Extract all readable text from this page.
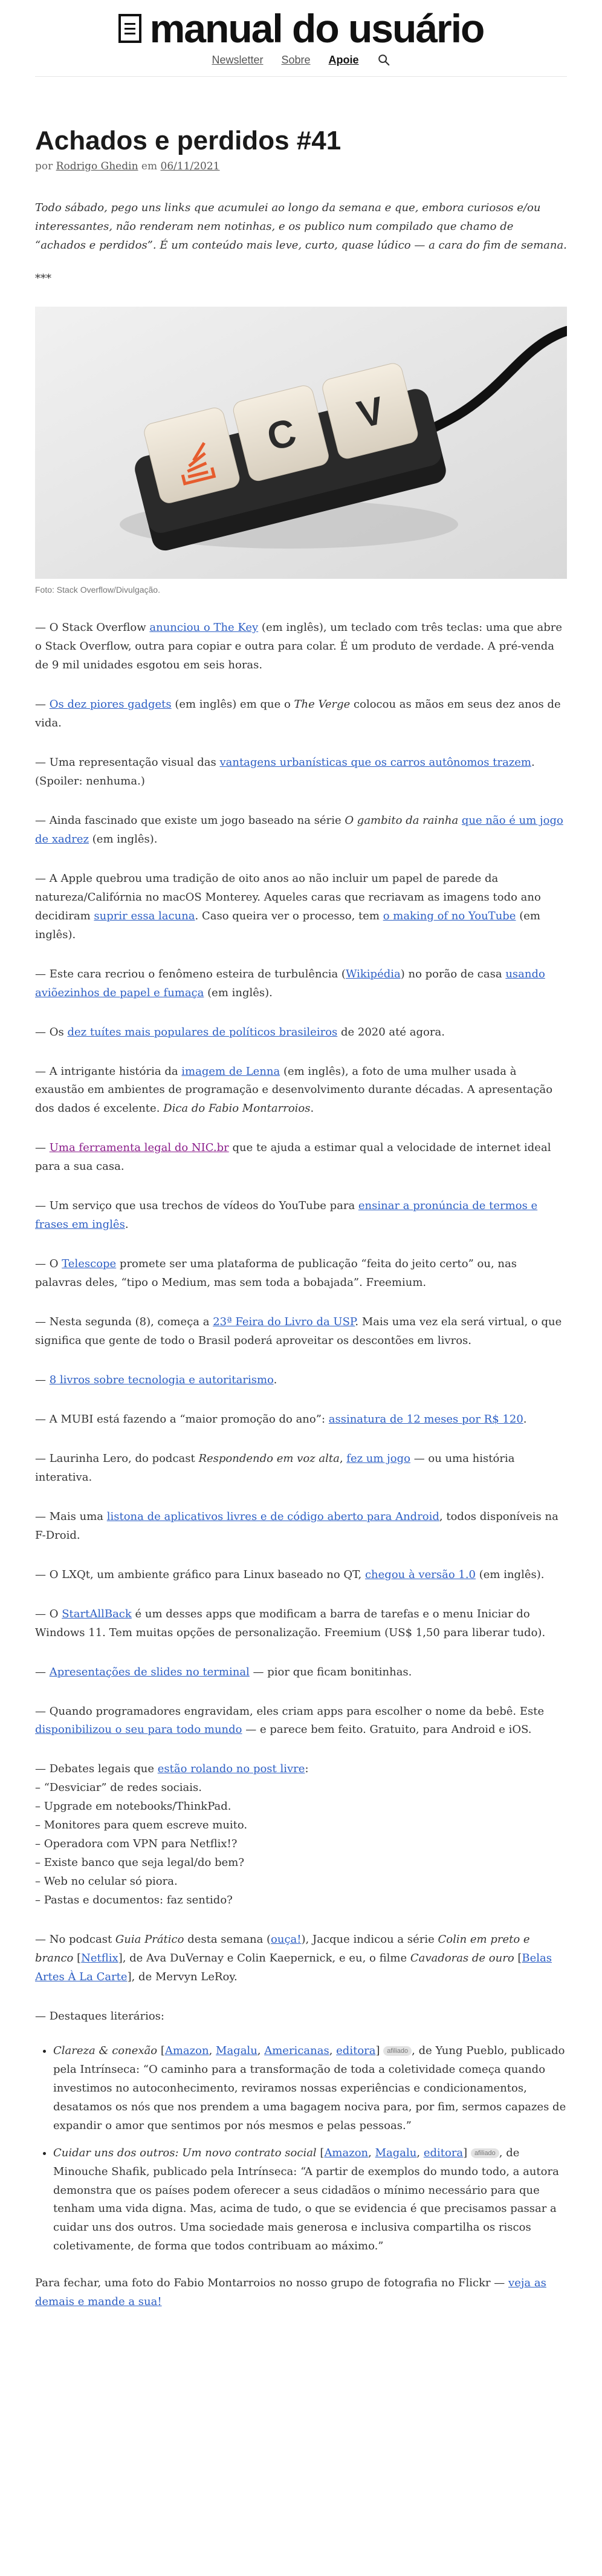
manual do usuário
Newsletter Sobre Apoie
Achados e perdidos #41
por Rodrigo Ghedin em 06/11/2021

Todo sábado, pego uns links que acumulei ao longo da semana e que, embora curiosos e/ou interessantes, não renderam nem notinhas, e os publico num compilado que chamo de “achados e perdidos”. É um conteúdo mais leve, curto, quase lúdico — a cara do fim de semana.

***

C V
Foto: Stack Overflow/Divulgação.

— O Stack Overflow anunciou o The Key (em inglês), um teclado com três teclas: uma que abre o Stack Overflow, outra para copiar e outra para colar. É um produto de verdade. A pré-venda de 9 mil unidades esgotou em seis horas.

— Os dez piores gadgets (em inglês) em que o The Verge colocou as mãos em seus dez anos de vida.

— Uma representação visual das vantagens urbanísticas que os carros autônomos trazem. (Spoiler: nenhuma.)

— Ainda fascinado que existe um jogo baseado na série O gambito da rainha que não é um jogo de xadrez (em inglês).

— A Apple quebrou uma tradição de oito anos ao não incluir um papel de parede da natureza/Califórnia no macOS Monterey. Aqueles caras que recriavam as imagens todo ano decidiram suprir essa lacuna. Caso queira ver o processo, tem o making of no YouTube (em inglês).

— Este cara recriou o fenômeno esteira de turbulência (Wikipédia) no porão de casa usando aviõezinhos de papel e fumaça (em inglês).

— Os dez tuítes mais populares de políticos brasileiros de 2020 até agora.

— A intrigante história da imagem de Lenna (em inglês), a foto de uma mulher usada à exaustão em ambientes de programação e desenvolvimento durante décadas. A apresentação dos dados é excelente. Dica do Fabio Montarroios.

— Uma ferramenta legal do NIC.br que te ajuda a estimar qual a velocidade de internet ideal para a sua casa.

— Um serviço que usa trechos de vídeos do YouTube para ensinar a pronúncia de termos e frases em inglês.

— O Telescope promete ser uma plataforma de publicação “feita do jeito certo” ou, nas palavras deles, “tipo o Medium, mas sem toda a bobajada”. Freemium.

— Nesta segunda (8), começa a 23ª Feira do Livro da USP. Mais uma vez ela será virtual, o que significa que gente de todo o Brasil poderá aproveitar os descontões em livros.

— 8 livros sobre tecnologia e autoritarismo.

— A MUBI está fazendo a “maior promoção do ano”: assinatura de 12 meses por R$ 120.

— Laurinha Lero, do podcast Respondendo em voz alta, fez um jogo — ou uma história interativa.

— Mais uma listona de aplicativos livres e de código aberto para Android, todos disponíveis na F-Droid.

— O LXQt, um ambiente gráfico para Linux baseado no QT, chegou à versão 1.0 (em inglês).

— O StartAllBack é um desses apps que modificam a barra de tarefas e o menu Iniciar do Windows 11. Tem muitas opções de personalização. Freemium (US$ 1,50 para liberar tudo).

— Apresentações de slides no terminal — pior que ficam bonitinhas.

— Quando programadores engravidam, eles criam apps para escolher o nome da bebê. Este disponibilizou o seu para todo mundo — e parece bem feito. Gratuito, para Android e iOS.

— Debates legais que estão rolando no post livre:
– “Desviciar” de redes sociais.
– Upgrade em notebooks/ThinkPad.
– Monitores para quem escreve muito.
– Operadora com VPN para Netflix!?
– Existe banco que seja legal/do bem?
– Web no celular só piora.
– Pastas e documentos: faz sentido?

— No podcast Guia Prático desta semana (ouça!), Jacque indicou a série Colin em preto e branco [Netflix], de Ava DuVernay e Colin Kaepernick, e eu, o filme Cavadoras de ouro [Belas Artes À La Carte], de Mervyn LeRoy.

— Destaques literários:

• Clareza & conexão [Amazon, Magalu, Americanas, editora] afiliado , de Yung Pueblo, publicado pela Intrínseca: “O caminho para a transformação de toda a coletividade começa quando investimos no autoconhecimento, reviramos nossas experiências e condicionamentos, desatamos os nós que nos prendem a uma bagagem nociva para, por fim, sermos capazes de expandir o amor que sentimos por nós mesmos e pelas pessoas.”
• Cuidar uns dos outros: Um novo contrato social [Amazon, Magalu, editora] afiliado , de Minouche Shafik, publicado pela Intrínseca: “A partir de exemplos do mundo todo, a autora demonstra que os países podem oferecer a seus cidadãos o mínimo necessário para que tenham uma vida digna. Mas, acima de tudo, o que se evidencia é que precisamos passar a cuidar uns dos outros. Uma sociedade mais generosa e inclusiva compartilha os riscos coletivamente, de forma que todos contribuam ao máximo.”

Para fechar, uma foto do Fabio Montarroios no nosso grupo de fotografia no Flickr — veja as demais e mande a sua!
